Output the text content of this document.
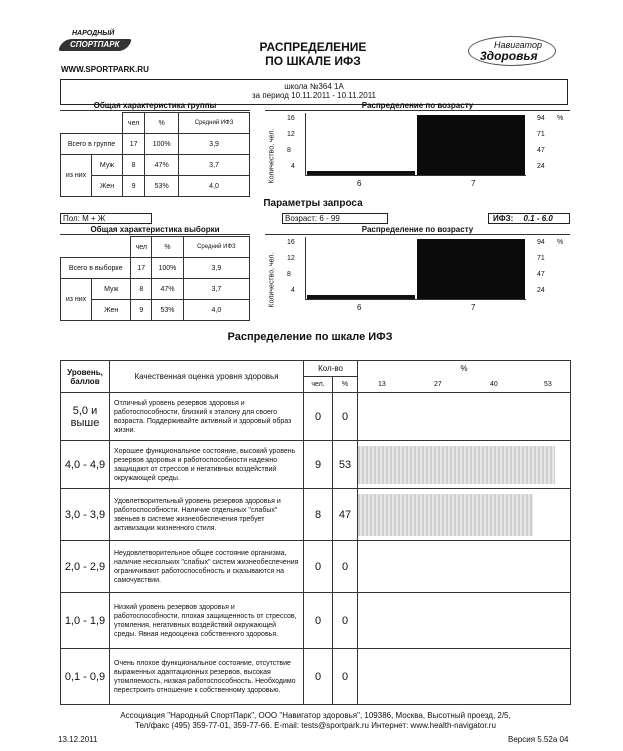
НАРОДНЫЙ
СПОРТПАРК
WWW.SPORTPARK.RU
РАСПРЕДЕЛЕНИЕ
ПО ШКАЛЕ ИФЗ
Навигатор
3доровья
школа №364 1А
за период 10.11.2011 - 10.11.2011
Общая характеристика группы
		чел	%	Средний ИФЗ
Всего в группе		17	100%	3,9
из них	Муж	8	47%	3,7
	Жен	9	53%	4,0
Распределение по возрасту
Количество, чел.
16
12
8
4
94 %
71
47
24
6	7
Параметры запроса
Пол: М + Ж	Возраст: 6 - 99	ИФЗ: 0.1 - 6.0
Общая характеристика выборки
		чел	%	Средний ИФЗ
Всего в выборке		17	100%	3,9
из них	Муж	8	47%	3,7
	Жен	9	53%	4,0
Распределение по возрасту
Количество, чел.
16
12
8
4
94 %
71
47
24
6	7
Распределение по шкале ИФЗ
Уровень, баллов	Качественная оценка уровня здоровья	Кол-во		%
		чел.	%	13 27 40 53

5,0 и выше	Отличный уровень резервов здоровья и работоспособности, близкий к эталону для своего возраста. Поддерживайте активный и здоровый образ жизни.	0	0	

4,0 - 4,9	Хорошее функциональное состояние, высокий уровень резервов здоровья и работоспособности надежно защищают от стрессов и негативных воздействий окружающей среды.	9	53	

3,0 - 3,9	Удовлетворительный уровень резервов здоровья и работоспособности. Наличие отдельных "слабых" звеньев в системе жизнеобеспечения требует активизации жизненного стиля.	8	47	

2,0 - 2,9	Неудовлетворительное общее состояние организма, наличие нескольких "слабых" систем жизнеобеспечения ограничивают работоспособность и сказываются на самочувствии.	0	0	

1,0 - 1,9	Низкий уровень резервов здоровья и работоспособности, плохая защищенность от стрессов, утомления, негативных воздействий окружающей среды. Явная недооценка собственного здоровья.	0	0	

0,1 - 0,9	Очень плохое функциональное состояние, отсутствие выраженных адаптационных резервов, высокая утомляемость, низкая работоспособность. Необходимо перестроить отношение к собственному здоровью.	0	0	
Ассоциация "Народный СпортПарк", ООО "Навигатор здоровья", 109386, Москва, Высотный проезд, 2/5,
Тел/факс (495) 359-77-01, 359-77-66. E-mail: tests@sportpark.ru Интернет: www.health-navigator.ru
13.12.2011	Версия 5.52а 04
